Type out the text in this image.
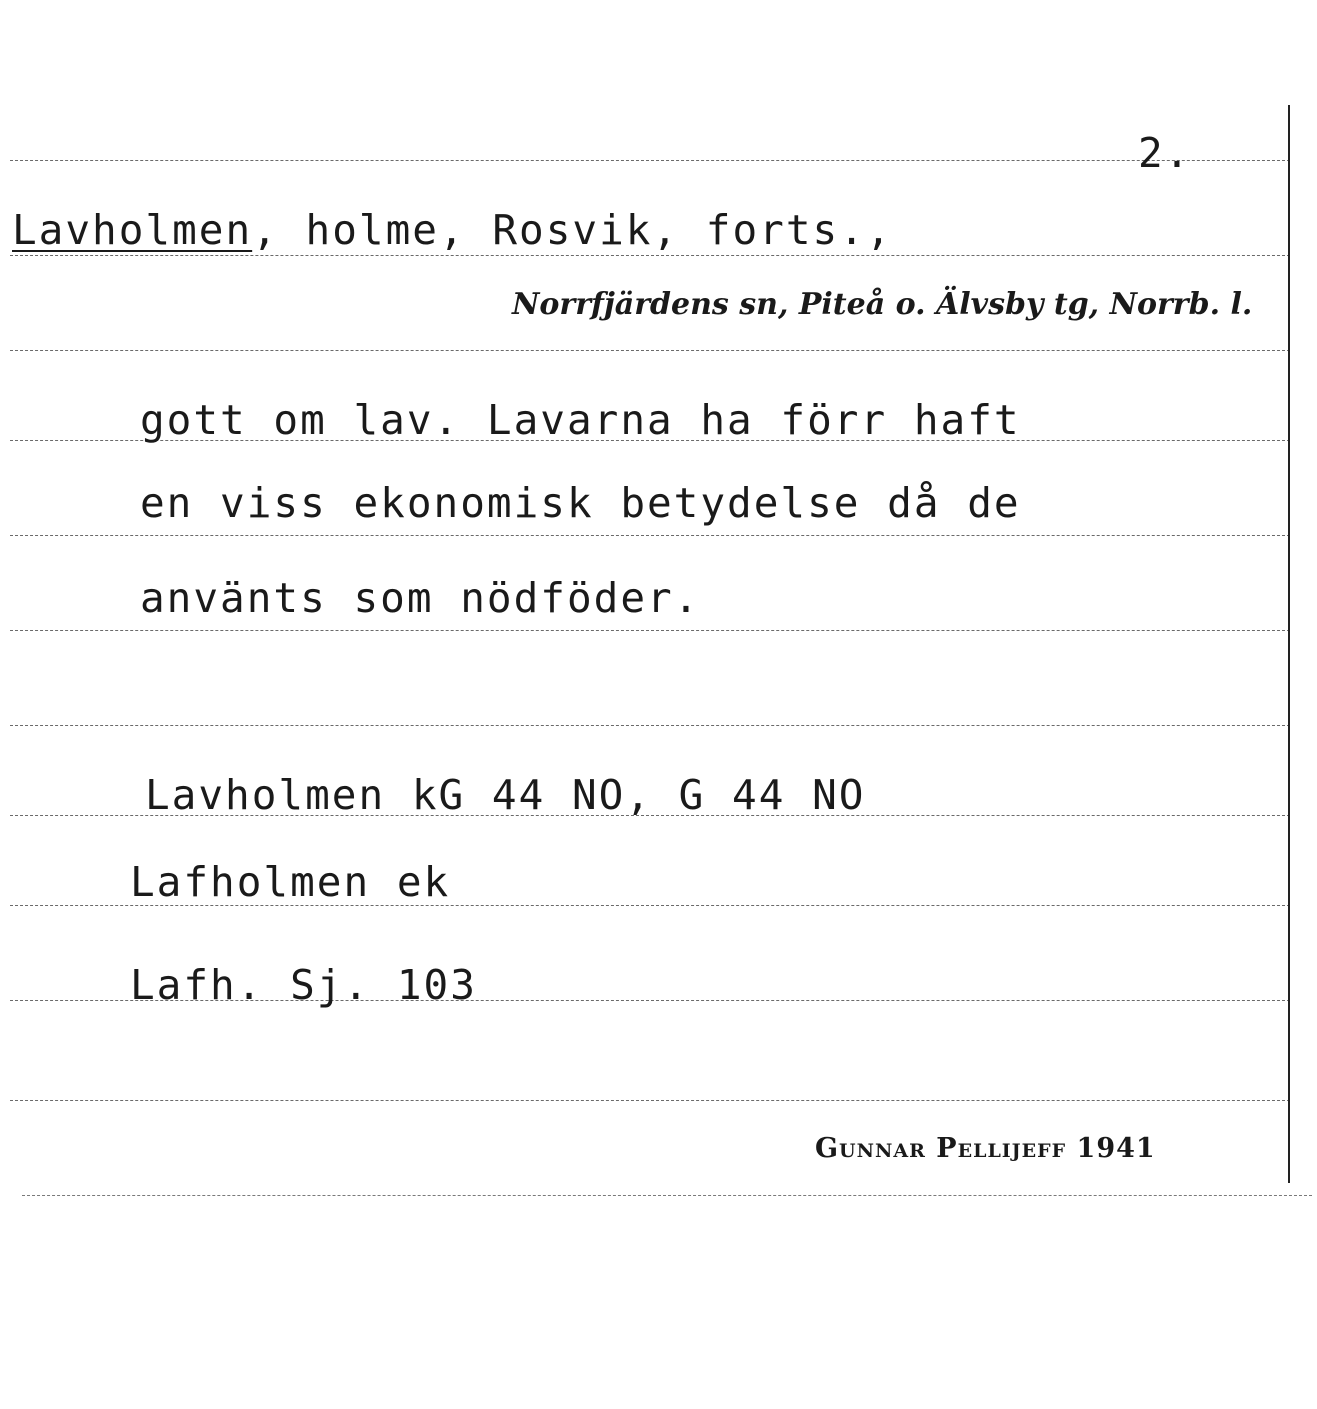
2.
Lavholmen, holme, Rosvik, forts.,
Norrfjärdens sn, Piteå o. Älvsby tg, Norrb. l.
gott om lav. Lavarna ha förr haft
en viss ekonomisk betydelse då de
använts som nödföder.
Lavholmen kG 44 NO, G 44 NO
Lafholmen ek
Lafh. Sj. 103
Gunnar Pellijeff 1941
